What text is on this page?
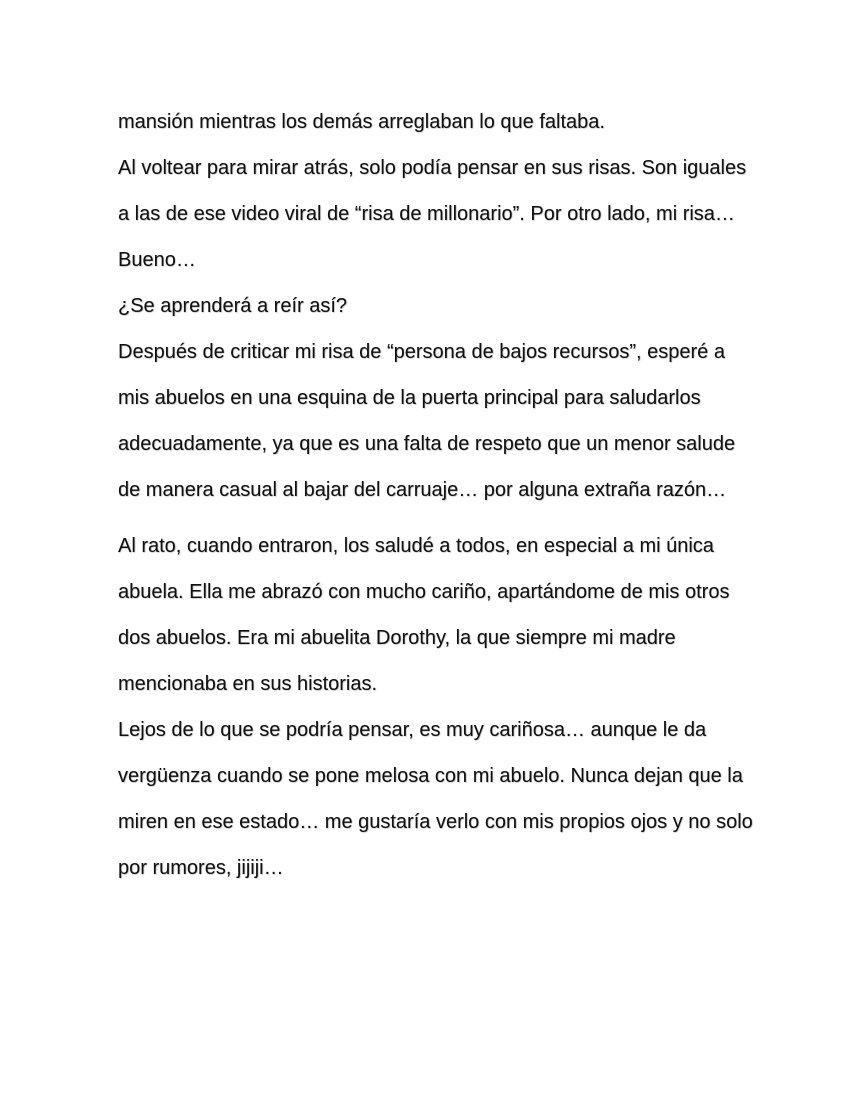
mansión mientras los demás arreglaban lo que faltaba.

Al voltear para mirar atrás, solo podía pensar en sus risas. Son iguales a las de ese video viral de “risa de millonario”. Por otro lado, mi risa…

Bueno…

¿Se aprenderá a reír así?

Después de criticar mi risa de “persona de bajos recursos”, esperé a mis abuelos en una esquina de la puerta principal para saludarlos adecuadamente, ya que es una falta de respeto que un menor salude de manera casual al bajar del carruaje… por alguna extraña razón…

Al rato, cuando entraron, los saludé a todos, en especial a mi única abuela. Ella me abrazó con mucho cariño, apartándome de mis otros dos abuelos. Era mi abuelita Dorothy, la que siempre mi madre mencionaba en sus historias.

Lejos de lo que se podría pensar, es muy cariñosa… aunque le da vergüenza cuando se pone melosa con mi abuelo. Nunca dejan que la miren en ese estado… me gustaría verlo con mis propios ojos y no solo por rumores, jijiji…
